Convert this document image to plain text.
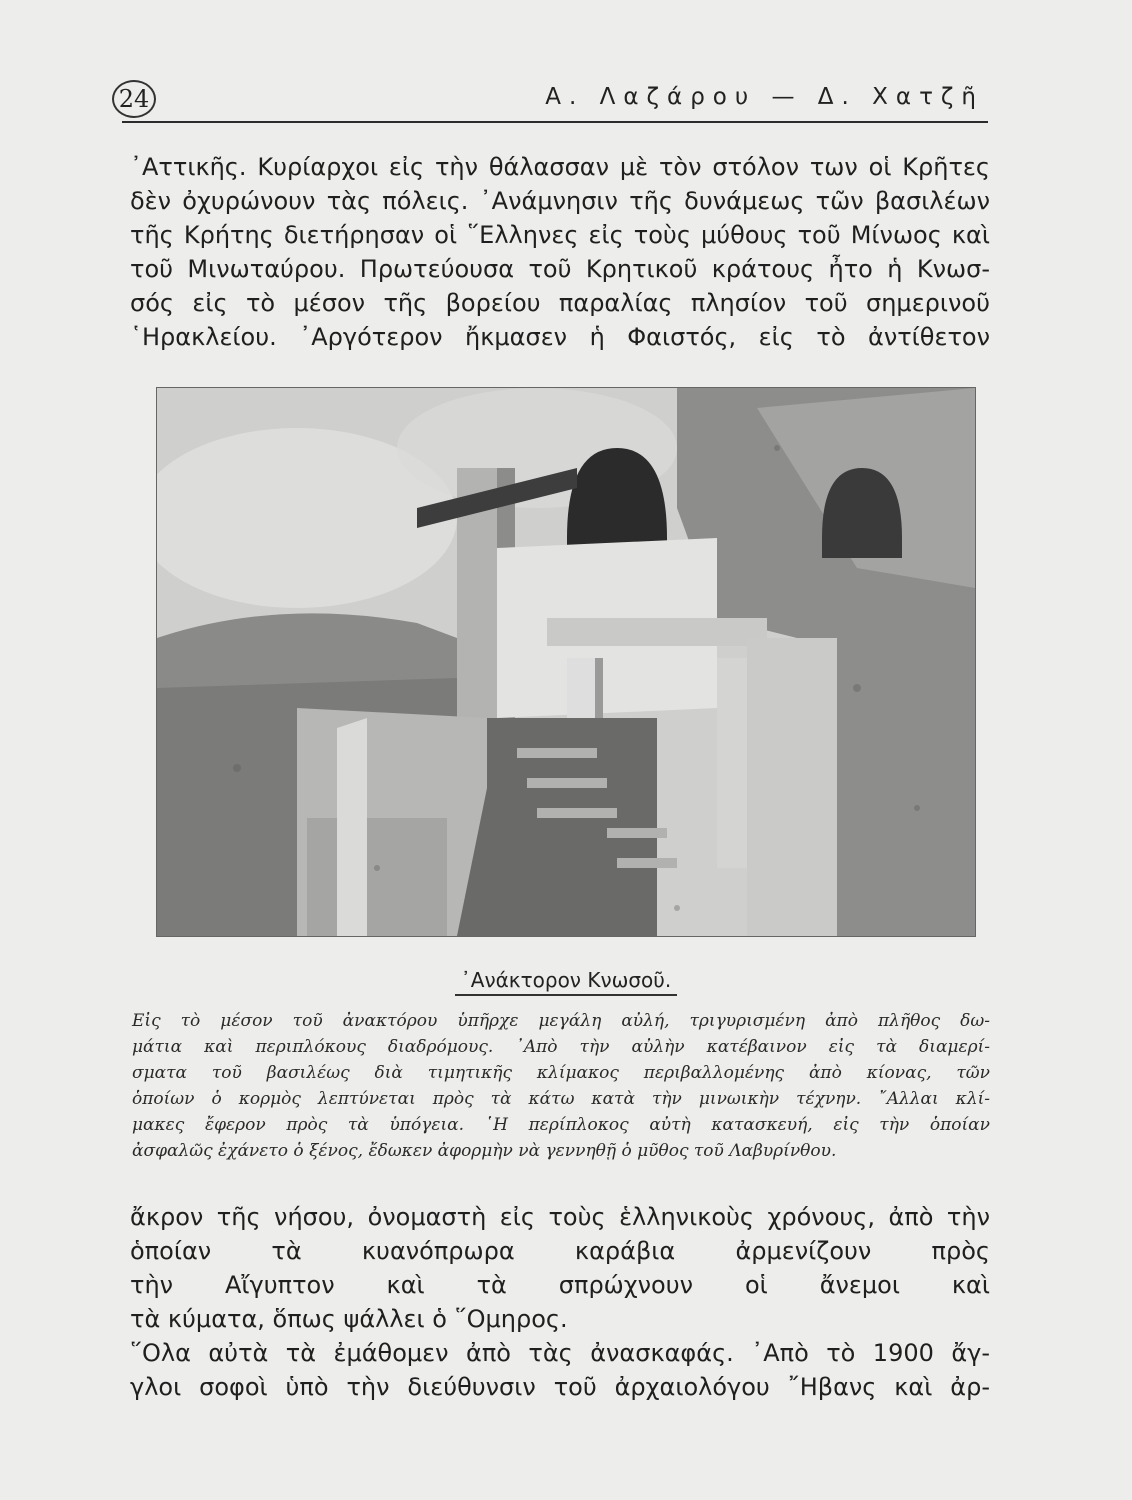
24	Α. Λαζάρου — Δ. Χατζῆ

᾿Αττικῆς. Κυρίαρχοι εἰς τὴν θάλασσαν μὲ τὸν στόλον των οἱ Κρῆτες

δὲν ὀχυρώνουν τὰς πόλεις. ᾿Ανάμνησιν τῆς δυνάμεως τῶν βασιλέων

τῆς Κρήτης διετήρησαν οἱ ῞Ελληνες εἰς τοὺς μύθους τοῦ Μίνωος καὶ

τοῦ Μινωταύρου. Πρωτεύουσα τοῦ Κρητικοῦ κράτους ἦτο ἡ Κνωσ-

σός εἰς τὸ μέσον τῆς βορείου παραλίας πλησίον τοῦ σημερινοῦ

῾Ηρακλείου. ᾿Αργότερον ἤκμασεν ἡ Φαιστός, εἰς τὸ ἀντίθετον

᾿Ανάκτορον Κνωσοῦ.

Εἰς τὸ μέσον τοῦ ἀνακτόρου ὑπῆρχε μεγάλη αὐλή, τριγυρισμένη ἀπὸ πλῆθος δω-

μάτια καὶ περιπλόκους διαδρόμους. ᾿Απὸ τὴν αὐλὴν κατέβαινον εἰς τὰ διαμερί-

σματα τοῦ βασιλέως διὰ τιμητικῆς κλίμακος περιβαλλομένης ἀπὸ κίονας, τῶν

ὁποίων ὁ κορμὸς λεπτύνεται πρὸς τὰ κάτω κατὰ τὴν μινωικὴν τέχνην. ῎Αλλαι κλί-

μακες ἔφερον πρὸς τὰ ὑπόγεια. ῾Η περίπλοκος αὐτὴ κατασκευή, εἰς τὴν ὁποίαν

ἀσφαλῶς ἐχάνετο ὁ ξένος, ἔδωκεν ἀφορμὴν νὰ γεννηθῇ ὁ μῦθος τοῦ Λαβυρίνθου.

ἄκρον τῆς νήσου, ὀνομαστὴ εἰς τοὺς ἑλληνικοὺς χρόνους, ἀπὸ τὴν

ὁποίαν τὰ κυανόπρωρα καράβια ἀρμενίζουν πρὸς

τὴν Αἴγυπτον καὶ τὰ σπρώχνουν οἱ ἄνεμοι καὶ

τὰ κύματα, ὅπως ψάλλει ὁ ῞Ομηρος.

῞Ολα αὐτὰ τὰ ἐμάθομεν ἀπὸ τὰς ἀνασκαφάς. ᾿Απὸ τὸ 1900 ἄγ-

γλοι σοφοὶ ὑπὸ τὴν διεύθυνσιν τοῦ ἀρχαιολόγου ῎Ηβανς καὶ ἀρ-
